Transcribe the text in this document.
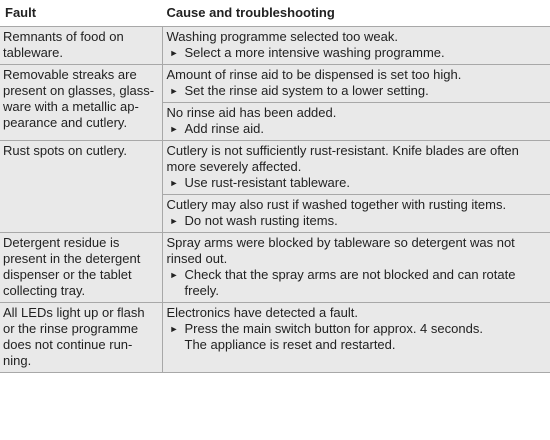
Fault	Cause and troubleshooting
Remnants of food on tableware.	Washing programme selected too weak.
► Select a more intensive washing programme.

Removable streaks are present on glasses, glass-ware with a metallic ap-pearance and cutlery.	Amount of rinse aid to be dispensed is set too high.
► Set the rinse aid system to a lower setting.

	No rinse aid has been added.
► Add rinse aid.

Rust spots on cutlery.	Cutlery is not sufficiently rust-resistant. Knife blades are often more severely affected.
► Use rust-resistant tableware.

	Cutlery may also rust if washed together with rusting items.
► Do not wash rusting items.

Detergent residue is present in the detergent dispenser or the tablet collecting tray.	Spray arms were blocked by tableware so detergent was not rinsed out.
► Check that the spray arms are not blocked and can rotate freely.

All LEDs light up or flash or the rinse programme does not continue run-ning.	Electronics have detected a fault.
► Press the main switch button for approx. 4 seconds.
The appliance is reset and restarted.
